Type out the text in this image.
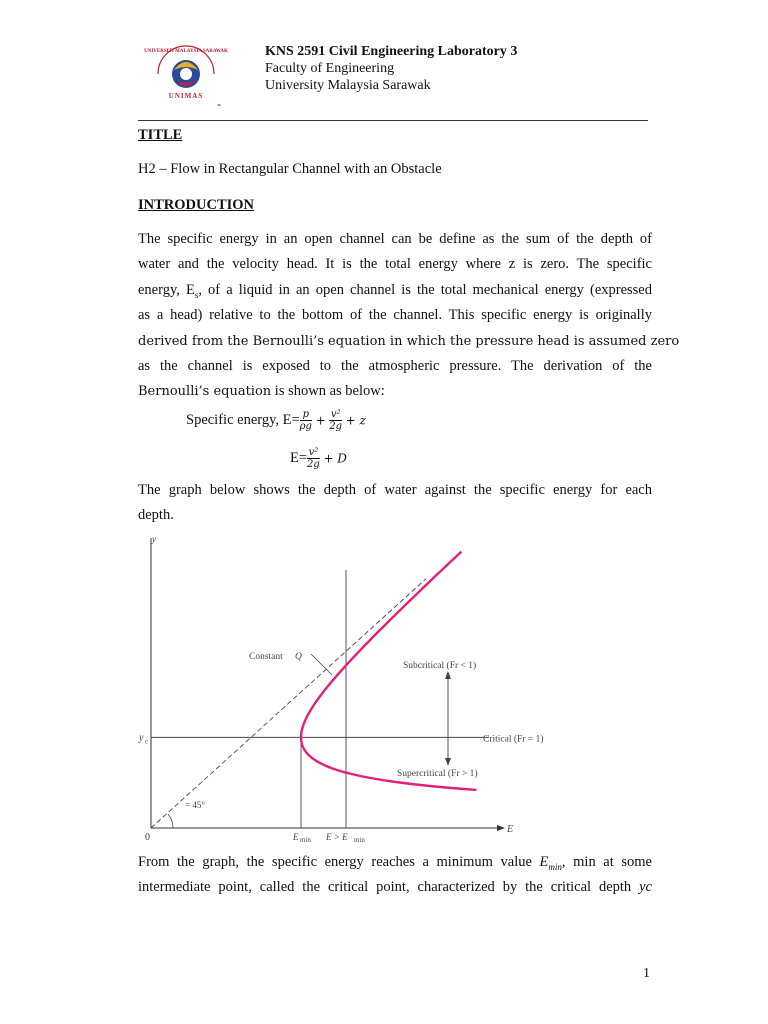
UNIVERSITI MALAYSIA SARAWAK
UNIMAS
-
KNS 2591 Civil Engineering Laboratory 3
Faculty of Engineering
University Malaysia Sarawak
TITLE
H2 – Flow in Rectangular Channel with an Obstacle
INTRODUCTION
The specific energy in an open channel can be define as the sum of the depth of
water and the velocity head. It is the total energy where z is zero. The specific
energy, $E_s$, of a liquid in an open channel is the total mechanical energy (expressed
as a head) relative to the bottom of the channel. This specific energy is originally
derived from the Bernoulli’s equation in which the pressure head is assumed zero
as the channel is exposed to the atmospheric pressure. The derivation of the
Bernoulli’s equation is shown as below:
Specific energy, $E= \frac{p}{\rho g} + \frac{\text{v²}}{2g} + z$
$E= \frac{\text{v²}}{2g} + D$
The graph below shows the depth of water against the specific energy for each
depth.
y
E
0
y c
E min E > E min
= 45°
Constant Q
Subcritical (Fr < 1)
Critical (Fr = 1)
Supercritical (Fr > 1)
From the graph, the specific energy reaches a minimum value $E_{min}$, min at some
intermediate point, called the critical point, characterized by the critical depth yc
1
